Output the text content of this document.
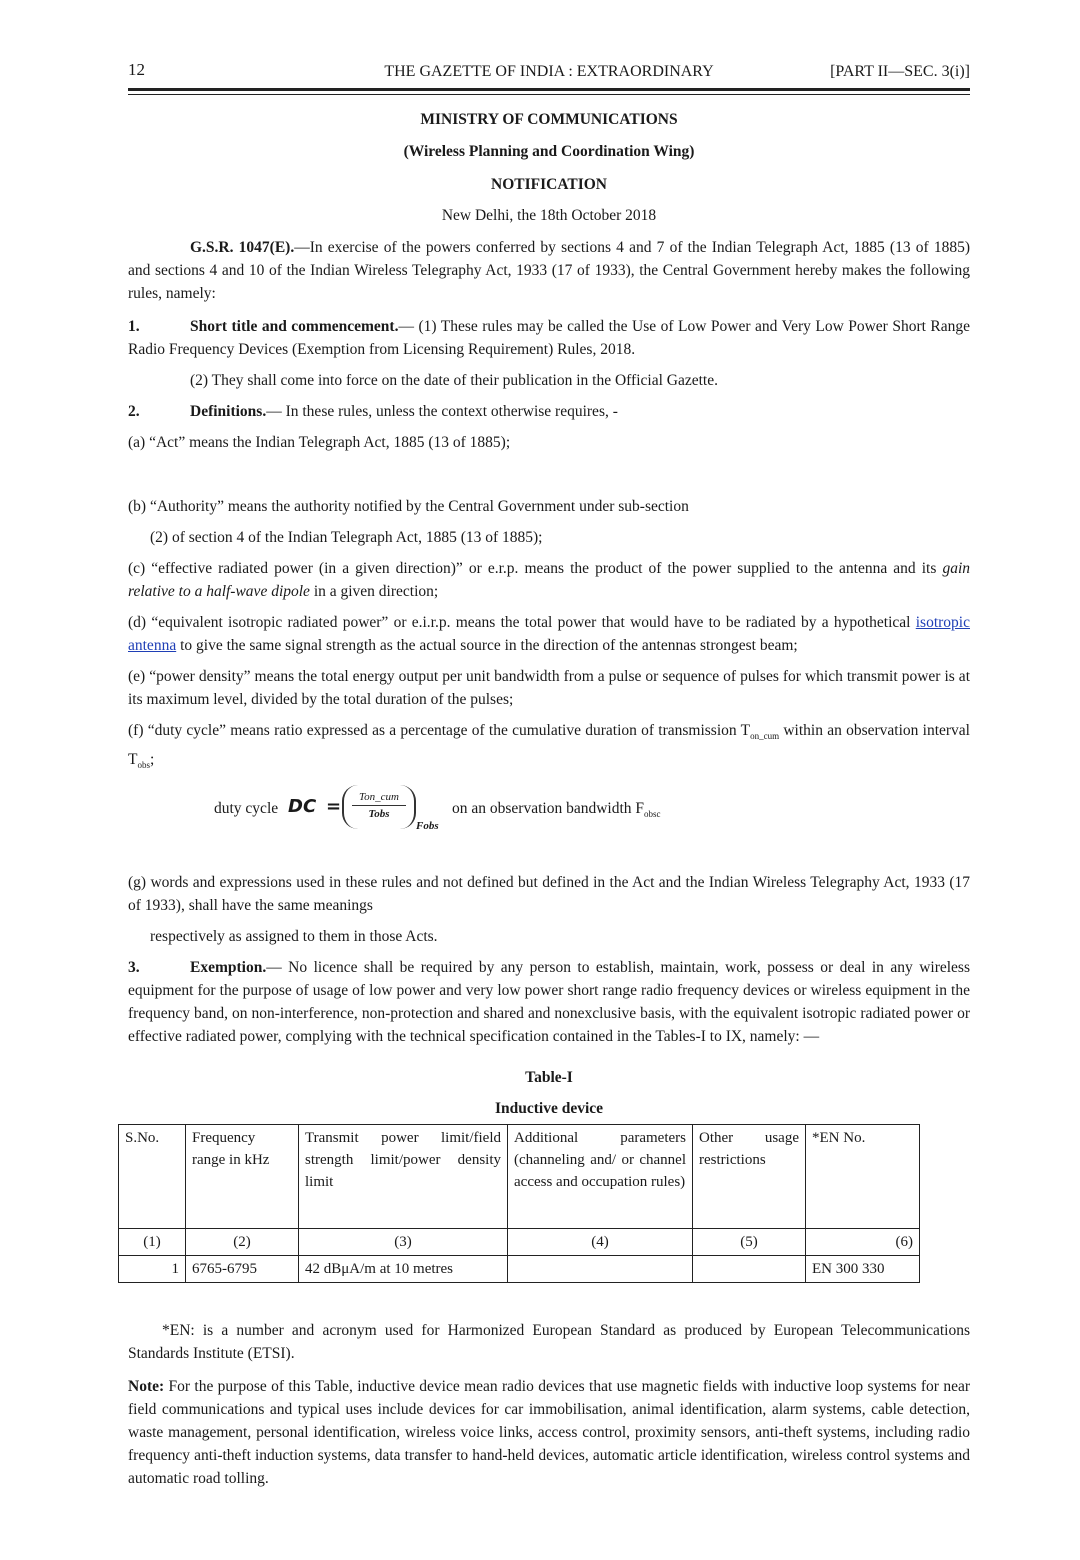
12	THE GAZETTE OF INDIA : EXTRAORDINARY	[PART II—SEC. 3(i)]
MINISTRY OF COMMUNICATIONS
(Wireless Planning and Coordination Wing)
NOTIFICATION
New Delhi, the 18th October 2018

G.S.R. 1047(E).—In exercise of the powers conferred by sections 4 and 7 of the Indian Telegraph Act, 1885 (13 of 1885) and sections 4 and 10 of the Indian Wireless Telegraphy Act, 1933 (17 of 1933), the Central Government hereby makes the following rules, namely:

1.	Short title and commencement.— (1) These rules may be called the Use of Low Power and Very Low Power Short Range Radio Frequency Devices (Exemption from Licensing Requirement) Rules, 2018.

(2) They shall come into force on the date of their publication in the Official Gazette.

2.	Definitions.— In these rules, unless the context otherwise requires, -

(a) “Act” means the Indian Telegraph Act, 1885 (13 of 1885);

(b) “Authority” means the authority notified by the Central Government under sub-section

(2) of section 4 of the Indian Telegraph Act, 1885 (13 of 1885);

(c) “effective radiated power (in a given direction)” or e.r.p. means the product of the power supplied to the antenna and its gain relative to a half-wave dipole in a given direction;

(d) “equivalent isotropic radiated power” or e.i.r.p. means the total power that would have to be radiated by a hypothetical isotropic antenna to give the same signal strength as the actual source in the direction of the antennas strongest beam;

(e) “power density” means the total energy output per unit bandwidth from a pulse or sequence of pulses for which transmit power is at its maximum level, divided by the total duration of the pulses;

(f) “duty cycle” means ratio expressed as a percentage of the cumulative duration of transmission $T_{on\_cum}$ within an observation interval $T_{obs}$;

duty cycle DC =	Ton_cum
Tobs
Fobs
on an observation bandwidth $F_{obsc}$

(g) words and expressions used in these rules and not defined but defined in the Act and the Indian Wireless Telegraphy Act, 1933 (17 of 1933), shall have the same meanings

respectively as assigned to them in those Acts.

3.	Exemption.— No licence shall be required by any person to establish, maintain, work, possess or deal in any wireless equipment for the purpose of usage of low power and very low power short range radio frequency devices or wireless equipment in the frequency band, on non-interference, non-protection and shared and nonexclusive basis, with the equivalent isotropic radiated power or effective radiated power, complying with the technical specification contained in the Tables-I to IX, namely: —

Table-I
Inductive device
S.No.	Frequency range in kHz	Transmit power limit/field strength limit/power density limit	Additional parameters (channeling and/ or channel access and occupation rules)	Other usage restrictions	*EN No.
(1)	(2)	(3)	(4)	(5)	(6)
1	6765-6795	42 dBμA/m at 10 metres			EN 300 330

*EN: is a number and acronym used for Harmonized European Standard as produced by European Telecommunications Standards Institute (ETSI).

Note: For the purpose of this Table, inductive device mean radio devices that use magnetic fields with inductive loop systems for near field communications and typical uses include devices for car immobilisation, animal identification, alarm systems, cable detection, waste management, personal identification, wireless voice links, access control, proximity sensors, anti-theft systems, including radio frequency anti-theft induction systems, data transfer to hand-held devices, automatic article identification, wireless control systems and automatic road tolling.
